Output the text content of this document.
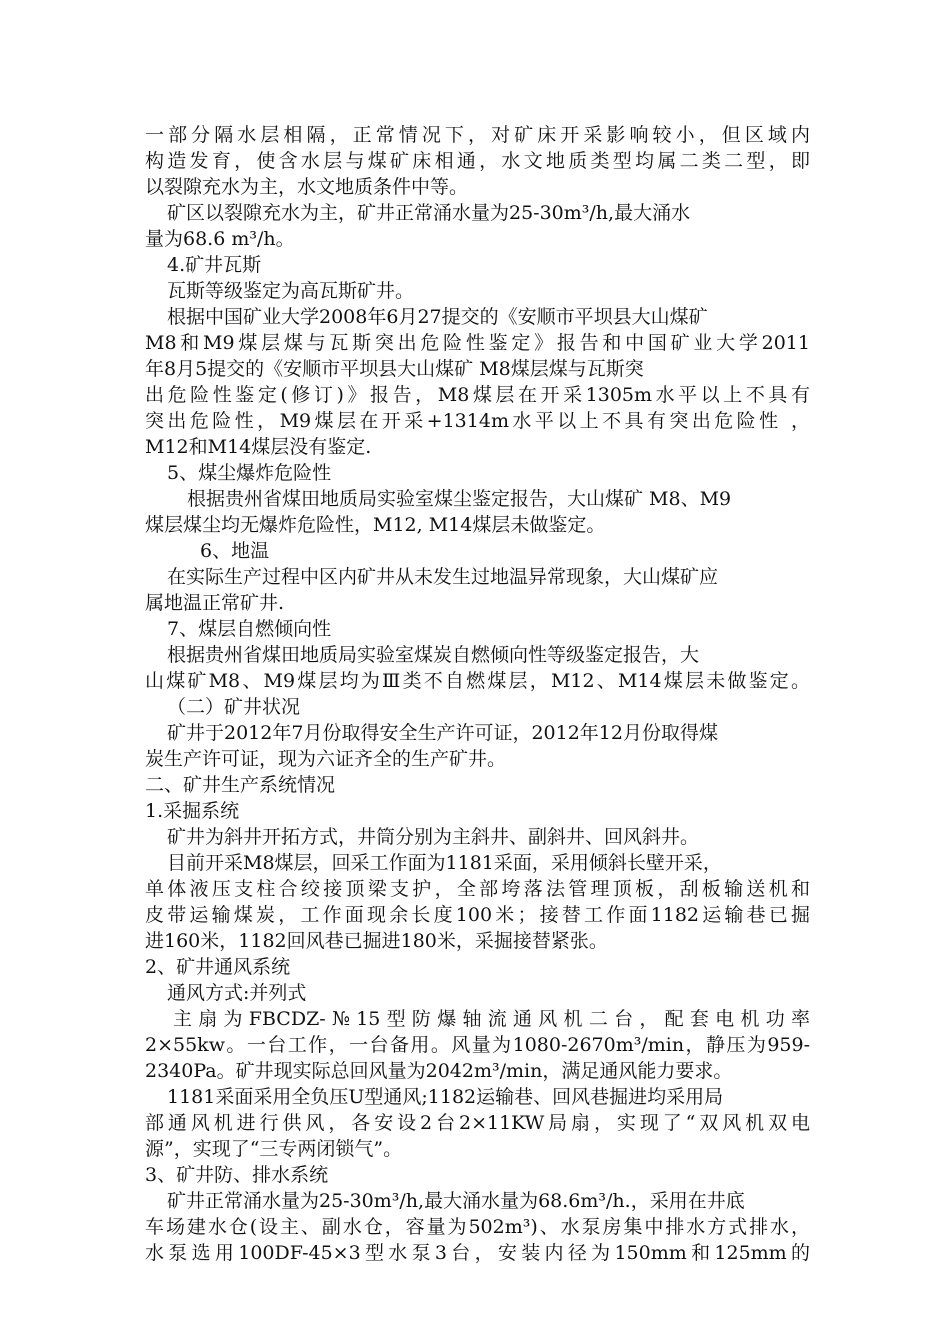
一部分隔水层相隔，正常情况下，对矿床开采影响较小，但区域内
构造发育，使含水层与煤矿床相通，水文地质类型均属二类二型，即
以裂隙充水为主，水文地质条件中等。
矿区以裂隙充水为主，矿井正常涌水量为25-30m³/h,最大涌水
量为68.6 m³/h。
4.矿井瓦斯
瓦斯等级鉴定为高瓦斯矿井。
根据中国矿业大学2008年6月27提交的《安顺市平坝县大山煤矿
M8和M9煤层煤与瓦斯突出危险性鉴定》报告和中国矿业大学2011
年8月5提交的《安顺市平坝县大山煤矿 M8煤层煤与瓦斯突
出危险性鉴定(修订)》报告，M8煤层在开采1305m水平以上不具有
突出危险性，M9煤层在开采+1314m水平以上不具有突出危险性 ，
M12和M14煤层没有鉴定.
5、煤尘爆炸危险性
根据贵州省煤田地质局实验室煤尘鉴定报告，大山煤矿 M8、M9
煤层煤尘均无爆炸危险性，M12, M14煤层未做鉴定。
6、地温
在实际生产过程中区内矿井从未发生过地温异常现象，大山煤矿应
属地温正常矿井.
7、煤层自燃倾向性
根据贵州省煤田地质局实验室煤炭自燃倾向性等级鉴定报告，大
山煤矿M8、M9煤层均为Ⅲ类不自燃煤层，M12、M14煤层未做鉴定。
（二）矿井状况
矿井于2012年7月份取得安全生产许可证，2012年12月份取得煤
炭生产许可证，现为六证齐全的生产矿井。
二、矿井生产系统情况
1.采掘系统
矿井为斜井开拓方式，井筒分别为主斜井、副斜井、回风斜井。
目前开采M8煤层，回采工作面为1181采面，采用倾斜长壁开采，
单体液压支柱合绞接顶梁支护，全部垮落法管理顶板，刮板输送机和
皮带运输煤炭，工作面现余长度100米；接替工作面1182运输巷已掘
进160米，1182回风巷已掘进180米，采掘接替紧张。
2、矿井通风系统
通风方式:并列式
主扇为FBCDZ-№15型防爆轴流通风机二台，配套电机功率
2×55kw。一台工作，一台备用。风量为1080-2670m³/min，静压为959-
2340Pa。矿井现实际总回风量为2042m³/min，满足通风能力要求。
1181采面采用全负压U型通风;1182运输巷、回风巷掘进均采用局
部通风机进行供风，各安设2台2×11KW局扇，实现了“双风机双电
源”，实现了“三专两闭锁气”。
3、矿井防、排水系统
矿井正常涌水量为25-30m³/h,最大涌水量为68.6m³/h.，采用在井底
车场建水仓(设主、副水仓，容量为502m³)、水泵房集中排水方式排水，
水泵选用100DF-45×3型水泵3台，安装内径为150mm和125mm的
